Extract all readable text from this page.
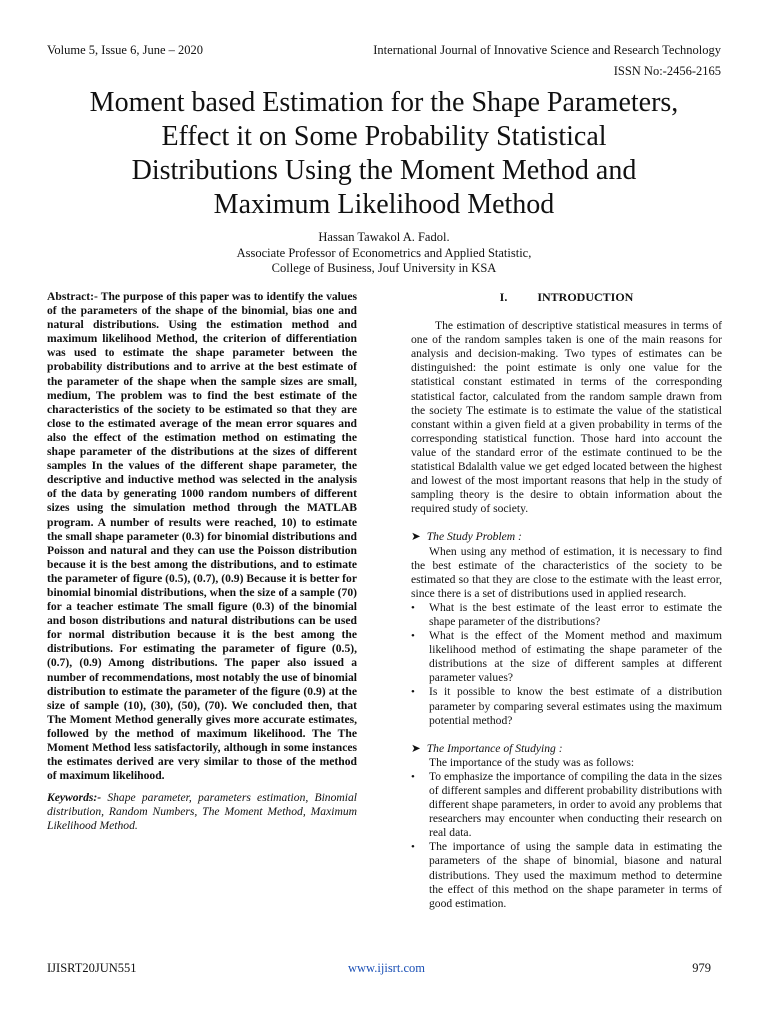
Volume 5, Issue 6, June – 2020	International Journal of Innovative Science and Research Technology
ISSN No:-2456-2165
Moment based Estimation for the Shape Parameters,
Effect it on Some Probability Statistical
Distributions Using the Moment Method and
Maximum Likelihood Method
Hassan Tawakol A. Fadol.
Associate Professor of Econometrics and Applied Statistic,
College of Business, Jouf University in KSA

Abstract:- The purpose of this paper was to identify the values of the parameters of the shape of the binomial, bias one and natural distributions. Using the estimation method and maximum likelihood Method, the criterion of differentiation was used to estimate the shape parameter between the probability distributions and to arrive at the best estimate of the parameter of the shape when the sample sizes are small, medium, The problem was to find the best estimate of the characteristics of the society to be estimated so that they are close to the estimated average of the mean error squares and also the effect of the estimation method on estimating the shape parameter of the distributions at the sizes of different samples In the values of the different shape parameter, the descriptive and inductive method was selected in the analysis of the data by generating 1000 random numbers of different sizes using the simulation method through the MATLAB program. A number of results were reached, 10) to estimate the small shape parameter (0.3) for binomial distributions and Poisson and natural and they can use the Poisson distribution because it is the best among the distributions, and to estimate the parameter of figure (0.5), (0.7), (0.9) Because it is better for binomial binomial distributions, when the size of a sample (70) for a teacher estimate The small figure (0.3) of the binomial and boson distributions and natural distributions can be used for normal distribution because it is the best among the distributions. For estimating the parameter of figure (0.5), (0.7), (0.9) Among distributions. The paper also issued a number of recommendations, most notably the use of binomial distribution to estimate the parameter of the figure (0.9) at the size of sample (10), (30), (50), (70). We concluded then, that The Moment Method generally gives more accurate estimates, followed by the method of maximum likelihood. The The Moment Method less satisfactorily, although in some instances the estimates derived are very similar to those of the method of maximum likelihood.

Keywords:- Shape parameter, parameters estimation, Binomial distribution, Random Numbers, The Moment Method, Maximum Likelihood Method.

I.	INTRODUCTION

The estimation of descriptive statistical measures in terms of one of the random samples taken is one of the main reasons for analysis and decision-making. Two types of estimates can be distinguished: the point estimate is only one value for the statistical constant estimated in terms of the corresponding statistical factor, calculated from the random sample drawn from the society The estimate is to estimate the value of the statistical constant within a given field at a given probability in terms of the corresponding statistical function. Those hard into account the value of the standard error of the estimate continued to be the statistical Bdalalth value we get edged located between the highest and lowest of the most important reasons that help in the study of sampling theory is the desire to obtain information about the required study of society.

➤ The Study Problem :

When using any method of estimation, it is necessary to find the best estimate of the characteristics of the society to be estimated so that they are close to the estimate with the least error, since there is a set of distributions used in applied research.

• What is the best estimate of the least error to estimate the shape parameter of the distributions?
• What is the effect of the Moment method and maximum likelihood method of estimating the shape parameter of the distributions at the size of different samples at different parameter values?
• Is it possible to know the best estimate of a distribution parameter by comparing several estimates using the maximum potential method?

➤ The Importance of Studying :

The importance of the study was as follows:

• To emphasize the importance of compiling the data in the sizes of different samples and different probability distributions with different shape parameters, in order to avoid any problems that researchers may encounter when conducting their research on real data.
• The importance of using the sample data in estimating the parameters of the shape of binomial, biasone and natural distributions. They used the maximum method to determine the effect of this method on the shape parameter in terms of good estimation.
IJISRT20JUN551	www.ijisrt.com	979
